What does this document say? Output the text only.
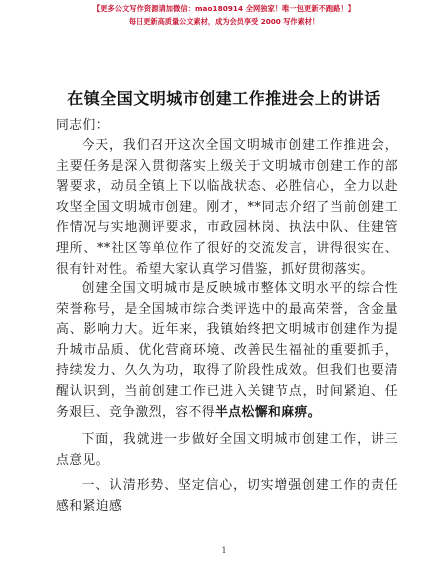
【更多公文写作资源请加微信：mao180914 全网独家！唯一包更新不跑路！】
每日更新高质量公文素材，成为会员享受 2000 写作素材！
在镇全国文明城市创建工作推进会上的讲话
同志们：
今天，我们召开这次全国文明城市创建工作推进会，主要任务是深入贯彻落实上级关于文明城市创建工作的部署要求，动员全镇上下以临战状态、必胜信心，全力以赴攻坚全国文明城市创建。刚才，**同志介绍了当前创建工作情况与实地测评要求，市政园林岗、执法中队、住建管理所、**社区等单位作了很好的交流发言，讲得很实在、很有针对性。希望大家认真学习借鉴，抓好贯彻落实。
创建全国文明城市是反映城市整体文明水平的综合性荣誉称号，是全国城市综合类评选中的最高荣誉，含金量高、影响力大。近年来，我镇始终把文明城市创建作为提升城市品质、优化营商环境、改善民生福祉的重要抓手，持续发力、久久为功，取得了阶段性成效。但我们也要清醒认识到，当前创建工作已进入关键节点，时间紧迫、任务艰巨、竞争激烈，容不得半点松懈和麻痹。
下面，我就进一步做好全国文明城市创建工作，讲三点意见。
一、认清形势、坚定信心，切实增强创建工作的责任感和紧迫感
1
